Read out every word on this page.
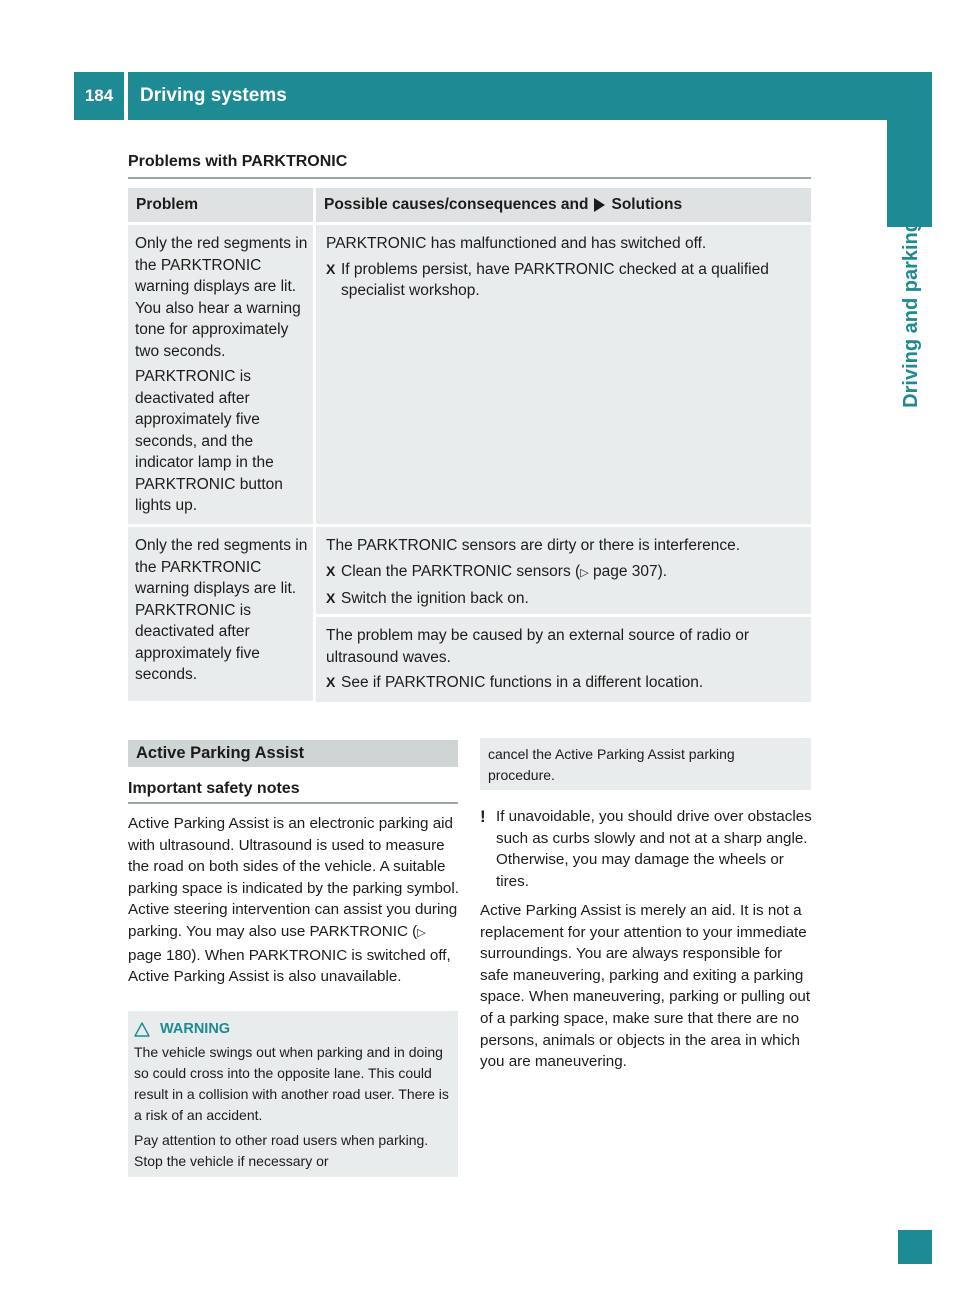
184	Driving systems
Driving and parking
Problems with PARKTRONIC
Problem	Possible causes/consequences and Solutions

Only the red segments in the PARKTRONIC warning displays are lit. You also hear a warning tone for approximately two seconds.

PARKTRONIC is deactivated after approximately five seconds, and the indicator lamp in the PARKTRONIC button lights up.

PARKTRONIC has malfunctioned and has switched off.
X If problems persist, have PARKTRONIC checked at a qualified specialist workshop.

Only the red segments in the PARKTRONIC warning displays are lit. PARKTRONIC is deactivated after approximately five seconds.

The PARKTRONIC sensors are dirty or there is interference.
X Clean the PARKTRONIC sensors (▷ page 307).
X Switch the ignition back on.
The problem may be caused by an external source of radio or ultrasound waves.
X See if PARKTRONIC functions in a different location.
Active Parking Assist
Important safety notes
Active Parking Assist is an electronic parking aid with ultrasound. Ultrasound is used to measure the road on both sides of the vehicle. A suitable parking space is indicated by the parking symbol. Active steering intervention can assist you during parking. You may also use PARKTRONIC (▷ page 180). When PARKTRONIC is switched off, Active Parking Assist is also unavailable.
WARNING

The vehicle swings out when parking and in doing so could cross into the opposite lane. This could result in a collision with another road user. There is a risk of an accident.

Pay attention to other road users when parking. Stop the vehicle if necessary or

cancel the Active Parking Assist parking procedure.
! If unavoidable, you should drive over obstacles such as curbs slowly and not at a sharp angle. Otherwise, you may damage the wheels or tires.
Active Parking Assist is merely an aid. It is not a replacement for your attention to your immediate surroundings. You are always responsible for safe maneuvering, parking and exiting a parking space. When maneuvering, parking or pulling out of a parking space, make sure that there are no persons, animals or objects in the area in which you are maneuvering.
